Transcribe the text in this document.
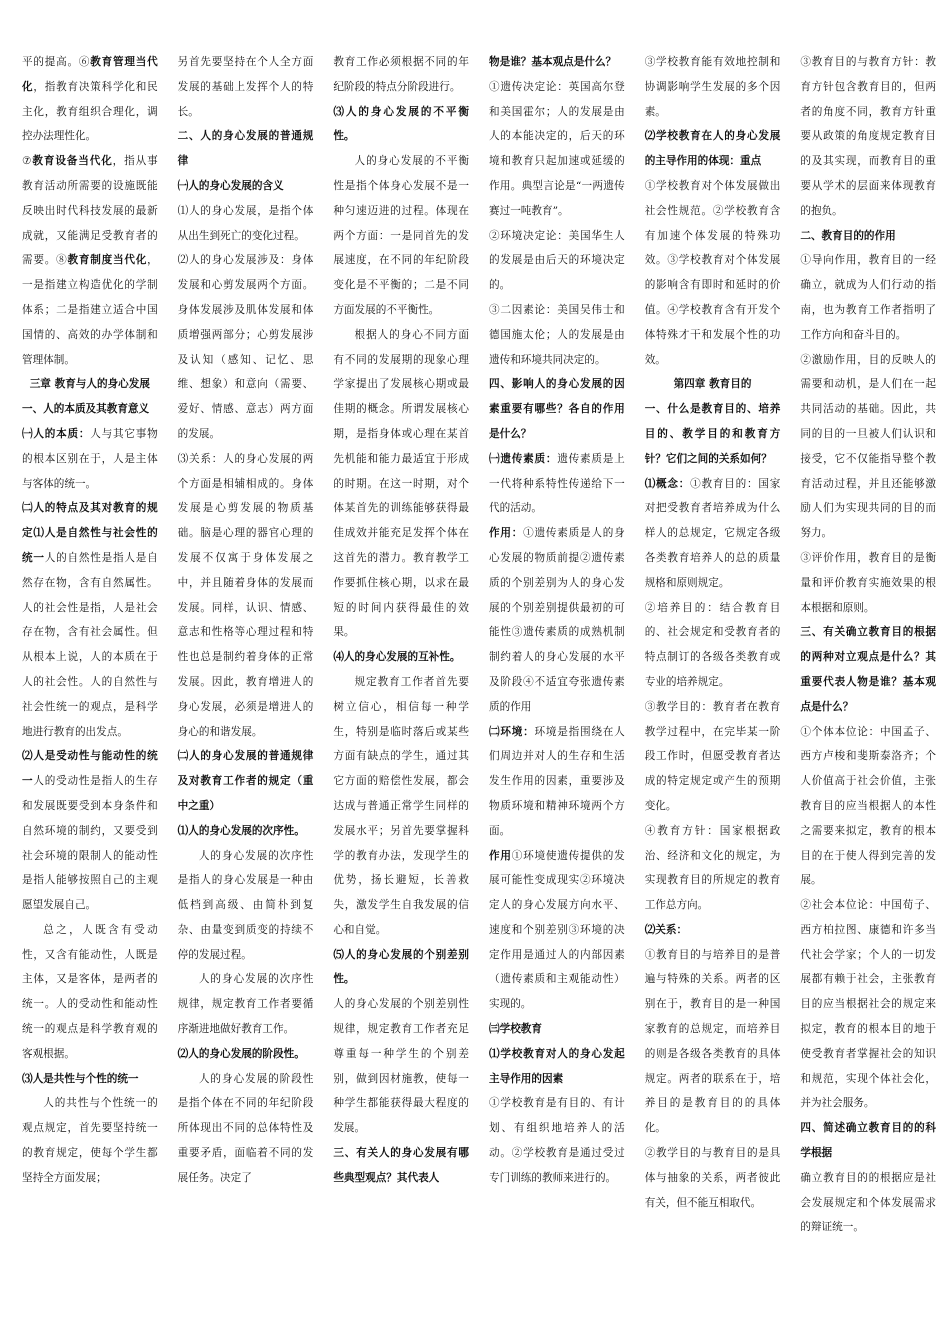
平的提高。⑥教育管理当代化，指教育决策科学化和民主化，教育组织合理化，调控办法理性化。

⑦教育设备当代化，指从事教育活动所需要的设施既能反映出时代科技发展的最新成就，又能满足受教育者的需要。⑧教育制度当代化，一是指建立构造优化的学制体系；二是指建立适合中国国情的、高效的办学体制和管理体制。

三章 教育与人的身心发展

一、人的本质及其教育意义

㈠人的本质：人与其它事物的根本区别在于，人是主体与客体的统一。

㈡人的特点及其对教育的规定⑴人是自然性与社会性的统一人的自然性是指人是自然存在物，含有自然属性。人的社会性是指，人是社会存在物，含有社会属性。但从根本上说，人的本质在于人的社会性。人的自然性与社会性统一的观点，是科学地进行教育的出发点。

⑵人是受动性与能动性的统一人的受动性是指人的生存和发展既要受到本身条件和自然环境的制约，又要受到社会环境的限制人的能动性是指人能够按照自己的主观愿望发展自己。

总之，人既含有受动性，又含有能动性，人既是主体，又是客体，是两者的统一。人的受动性和能动性统一的观点是科学教育观的客观根据。

⑶人是共性与个性的统一

人的共性与个性统一的观点规定，首先要坚持统一的教育规定，使每个学生都坚持全方面发展；

另首先要坚持在个人全方面发展的基础上发挥个人的特长。

二、人的身心发展的普通规律

㈠人的身心发展的含义

⑴人的身心发展，是指个体从出生到死亡的变化过程。

⑵人的身心发展涉及：身体发展和心剪发展两个方面。身体发展涉及肌体发展和体质增强两部分；心剪发展涉及认知（感知、记忆、思维、想象）和意向（需要、爱好、情感、意志）两方面的发展。

⑶关系：人的身心发展的两个方面是相辅相成的。身体发展是心剪发展的物质基础。脑是心理的器官心理的发展不仅寓于身体发展之中，并且随着身体的发展而发展。同样，认识、情感、意志和性格等心理过程和特性也总是制约着身体的正常发展。因此，教育增进人的身心发展，必须是增进人的身心的和谐发展。

㈡人的身心发展的普通规律及对教育工作者的规定（重中之重）

⑴人的身心发展的次序性。

人的身心发展的次序性是指人的身心发展是一种由低档到高级、由简朴到复杂、由量变到质变的持续不停的发展过程。

人的身心发展的次序性规律，规定教育工作者要循序渐进地做好教育工作。

⑵人的身心发展的阶段性。

人的身心发展的阶段性是指个体在不同的年纪阶段所体现出不同的总体特性及重要矛盾，面临着不同的发展任务。决定了

教育工作必须根据不同的年纪阶段的特点分阶段进行。

⑶人的身心发展的不平衡性。

人的身心发展的不平衡性是指个体身心发展不是一种匀速迈进的过程。体现在两个方面：一是同首先的发展速度，在不同的年纪阶段变化是不平衡的；二是不同方面发展的不平衡性。

根据人的身心不同方面有不同的发展期的现象心理学家提出了发展核心期或最佳期的概念。所谓发展核心期，是指身体或心理在某首先机能和能力最适宜于形成的时期。在这一时期，对个体某首先的训练能够获得最佳成效并能充足发挥个体在这首先的潜力。教育教学工作要抓住核心期，以求在最短的时间内获得最佳的效果。

⑷人的身心发展的互补性。

规定教育工作者首先要树立信心，相信每一种学生，特别是临时落后或某些方面有缺点的学生，通过其它方面的赔偿性发展，都会达成与普通正常学生同样的发展水平；另首先要掌握科学的教育办法，发现学生的优势，扬长避短，长善救失，激发学生自我发展的信心和自觉。

⑸人的身心发展的个别差别性。

人的身心发展的个别差别性规律，规定教育工作者充足尊重每一种学生的个别差别，做到因材施教，使每一种学生都能获得最大程度的发展。

三、有关人的身心发展有哪些典型观点？其代表人

物是谁？基本观点是什么？

①遗传决定论：英国高尔登和美国霍尔；人的发展是由人的本能决定的，后天的环境和教育只起加速或延缓的作用。典型言论是“一两遗传赛过一吨教育”。

②环境决定论：美国华生人的发展是由后天的环境决定的。

③二因素论：美国吴伟士和德国施太伦；人的发展是由遗传和环境共同决定的。

四、影响人的身心发展的因素重要有哪些？各自的作用是什么？

㈠遗传素质：遗传素质是上一代将种系特性传递给下一代的活动。

作用：①遗传素质是人的身心发展的物质前提②遗传素质的个别差别为人的身心发展的个别差别提供最初的可能性③遗传素质的成熟机制制约着人的身心发展的水平及阶段④不适宜夸张遗传素质的作用

㈡环境：环境是指围绕在人们周边并对人的生存和生活发生作用的因素，重要涉及物质环境和精神环境两个方面。

作用①环境使遗传提供的发展可能性变成现实②环境决定人的身心发展方向水平、速度和个别差别③环境的决定作用是通过人的内部因素（遗传素质和主观能动性）实现的。

㈢学校教育

⑴学校教育对人的身心发起主导作用的因素

①学校教育是有目的、有计划、有组织地培养人的活动。②学校教育是通过受过专门训练的教师来进行的。

③学校教育能有效地控制和协调影响学生发展的多个因素。

⑵学校教育在人的身心发展的主导作用的体现：重点

①学校教育对个体发展做出社会性规范。②学校教育含有加速个体发展的特殊功效。③学校教育对个体发展的影响含有即时和延时的价值。④学校教育含有开发个体特殊才干和发展个性的功效。

第四章 教育目的

一、什么是教育目的、培养目的、教学目的和教育方针？它们之间的关系如何？

⑴概念：①教育目的：国家对把受教育者培养成为什么样人的总规定，它规定各级各类教育培养人的总的质量规格和原则规定。

②培养目的：结合教育目的、社会规定和受教育者的特点制订的各级各类教育或专业的培养规定。

③教学目的：教育者在教育教学过程中，在完毕某一阶段工作时，但愿受教育者达成的特定规定或产生的预期变化。

④教育方针：国家根据政治、经济和文化的规定，为实现教育目的所规定的教育工作总方向。

⑵关系：

①教育目的与培养目的是普遍与特殊的关系。两者的区别在于，教育目的是一种国家教育的总规定，而培养目的则是各级各类教育的具体规定。两者的联系在于，培养目的是教育目的的具体化。

②教学目的与教育目的是具体与抽象的关系，两者彼此有关，但不能互相取代。

③教育目的与教育方针：教育方针包含教育目的，但两者的角度不同，教育方针重要从政策的角度规定教育目的及其实现，而教育目的重要从学术的层面来体现教育的抱负。

二、教育目的的作用

①导向作用，教育目的一经确立，就成为人们行动的指南，也为教育工作者指明了工作方向和奋斗目的。

②激励作用，目的反映人的需要和动机，是人们在一起共同活动的基础。因此，共同的目的一旦被人们认识和接受，它不仅能指导整个教育活动过程，并且还能够激励人们为实现共同的目的而努力。

③评价作用，教育目的是衡量和评价教育实施效果的根本根据和原则。

三、有关确立教育目的根据的两种对立观点是什么？其重要代表人物是谁？基本观点是什么？

①个体本位论：中国孟子、西方卢梭和斐斯泰洛齐；个人价值高于社会价值，主张教育目的应当根据人的本性之需要来拟定，教育的根本目的在于使人得到完善的发展。

②社会本位论：中国荀子、西方柏拉图、康德和许多当代社会学家；个人的一切发展都有赖于社会，主张教育目的应当根据社会的规定来拟定，教育的根本目的地于使受教育者掌握社会的知识和规范，实现个体社会化，并为社会服务。

四、简述确立教育目的的科学根据

确立教育目的的根据应是社会发展规定和个体发展需求的辩证统一。
